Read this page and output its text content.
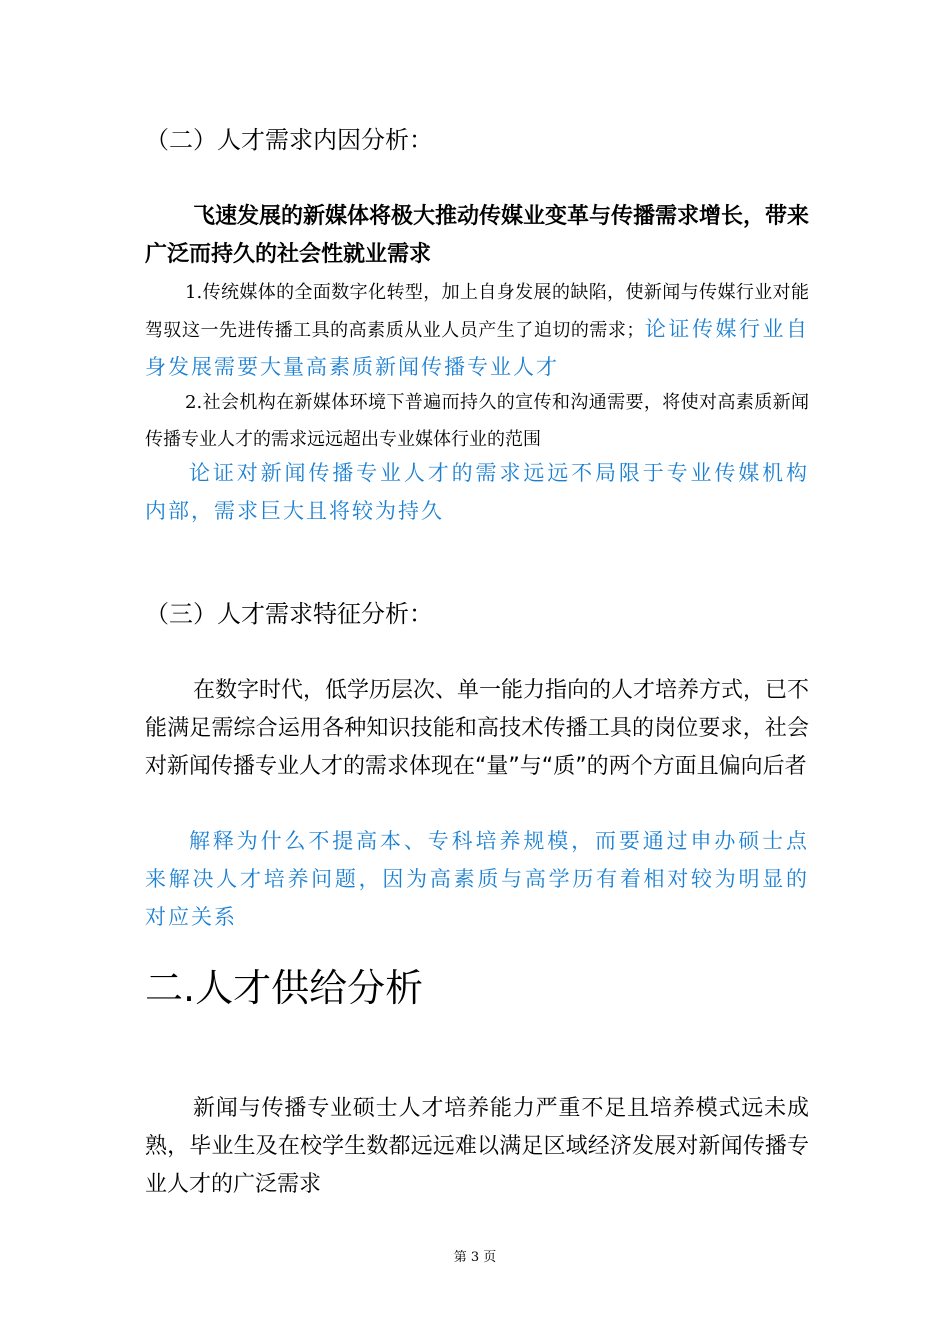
（二）人才需求内因分析：

飞速发展的新媒体将极大推动传媒业变革与传播需求增长，带来广泛而持久的社会性就业需求

1.传统媒体的全面数字化转型，加上自身发展的缺陷，使新闻与传媒行业对能驾驭这一先进传播工具的高素质从业人员产生了迫切的需求；论证传媒行业自身发展需要大量高素质新闻传播专业人才

2.社会机构在新媒体环境下普遍而持久的宣传和沟通需要，将使对高素质新闻传播专业人才的需求远远超出专业媒体行业的范围

论证对新闻传播专业人才的需求远远不局限于专业传媒机构内部，需求巨大且将较为持久

（三）人才需求特征分析：

在数字时代，低学历层次、单一能力指向的人才培养方式，已不能满足需综合运用各种知识技能和高技术传播工具的岗位要求，社会对新闻传播专业人才的需求体现在“量”与“质”的两个方面且偏向后者

解释为什么不提高本、专科培养规模，而要通过申办硕士点来解决人才培养问题，因为高素质与高学历有着相对较为明显的对应关系

二.人才供给分析

新闻与传播专业硕士人才培养能力严重不足且培养模式远未成熟，毕业生及在校学生数都远远难以满足区域经济发展对新闻传播专业人才的广泛需求

第 3 页
